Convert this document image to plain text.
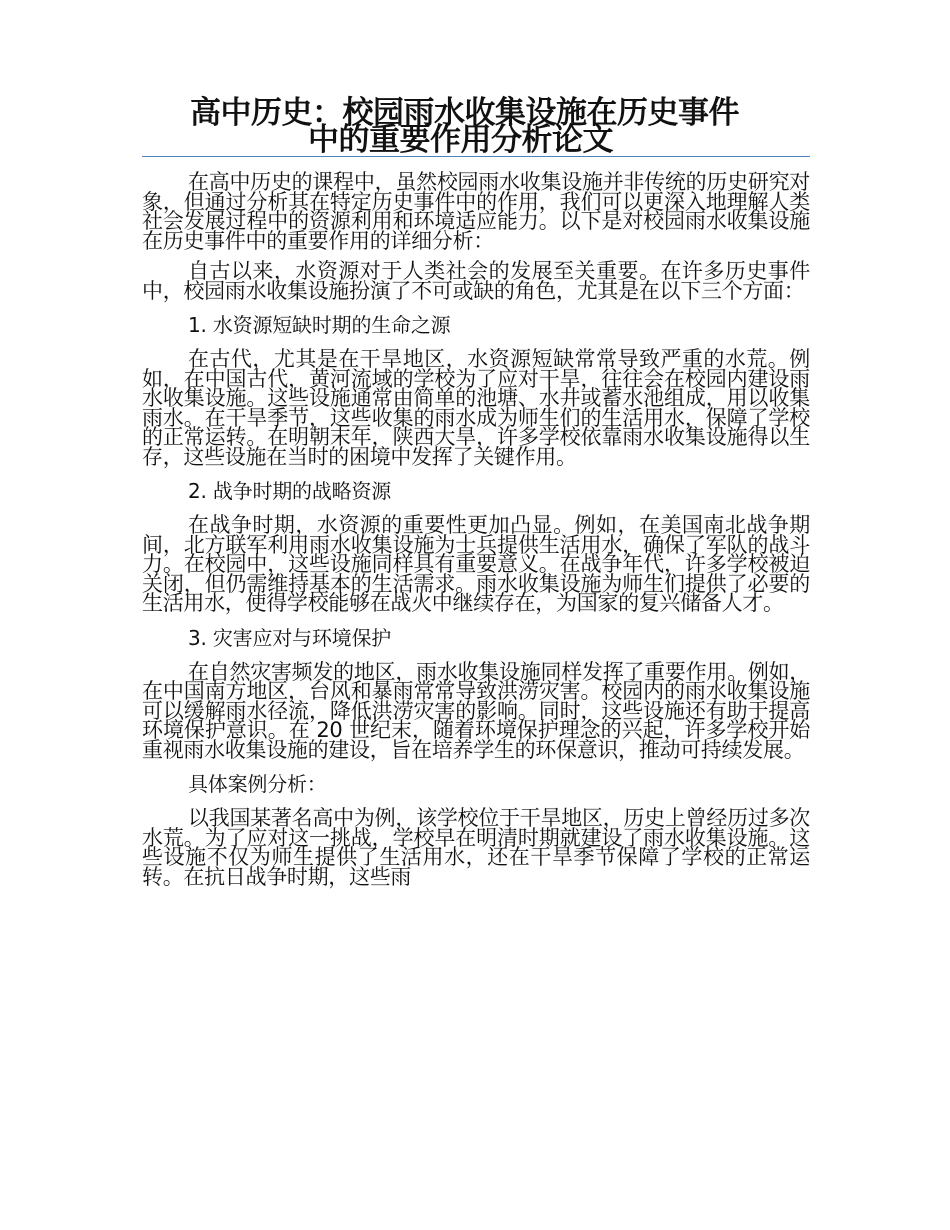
高中历史：校园雨水收集设施在历史事件
中的重要作用分析论文

在高中历史的课程中，虽然校园雨水收集设施并非传统的历史研究对象，但通过分析其在特定历史事件中的作用，我们可以更深入地理解人类社会发展过程中的资源利用和环境适应能力。以下是对校园雨水收集设施在历史事件中的重要作用的详细分析：

自古以来，水资源对于人类社会的发展至关重要。在许多历史事件中，校园雨水收集设施扮演了不可或缺的角色，尤其是在以下三个方面：

1. 水资源短缺时期的生命之源

在古代，尤其是在干旱地区，水资源短缺常常导致严重的水荒。例如，在中国古代，黄河流域的学校为了应对干旱，往往会在校园内建设雨水收集设施。这些设施通常由简单的池塘、水井或蓄水池组成，用以收集雨水。在干旱季节，这些收集的雨水成为师生们的生活用水，保障了学校的正常运转。在明朝末年，陕西大旱，许多学校依靠雨水收集设施得以生存，这些设施在当时的困境中发挥了关键作用。

2. 战争时期的战略资源

在战争时期，水资源的重要性更加凸显。例如，在美国南北战争期间，北方联军利用雨水收集设施为士兵提供生活用水，确保了军队的战斗力。在校园中，这些设施同样具有重要意义。在战争年代，许多学校被迫关闭，但仍需维持基本的生活需求。雨水收集设施为师生们提供了必要的生活用水，使得学校能够在战火中继续存在，为国家的复兴储备人才。

3. 灾害应对与环境保护

在自然灾害频发的地区，雨水收集设施同样发挥了重要作用。例如，在中国南方地区，台风和暴雨常常导致洪涝灾害。校园内的雨水收集设施可以缓解雨水径流，降低洪涝灾害的影响。同时，这些设施还有助于提高环境保护意识。在 20 世纪末，随着环境保护理念的兴起，许多学校开始重视雨水收集设施的建设，旨在培养学生的环保意识，推动可持续发展。

具体案例分析：

以我国某著名高中为例，该学校位于干旱地区，历史上曾经历过多次水荒。为了应对这一挑战，学校早在明清时期就建设了雨水收集设施。这些设施不仅为师生提供了生活用水，还在干旱季节保障了学校的正常运转。在抗日战争时期，这些雨
